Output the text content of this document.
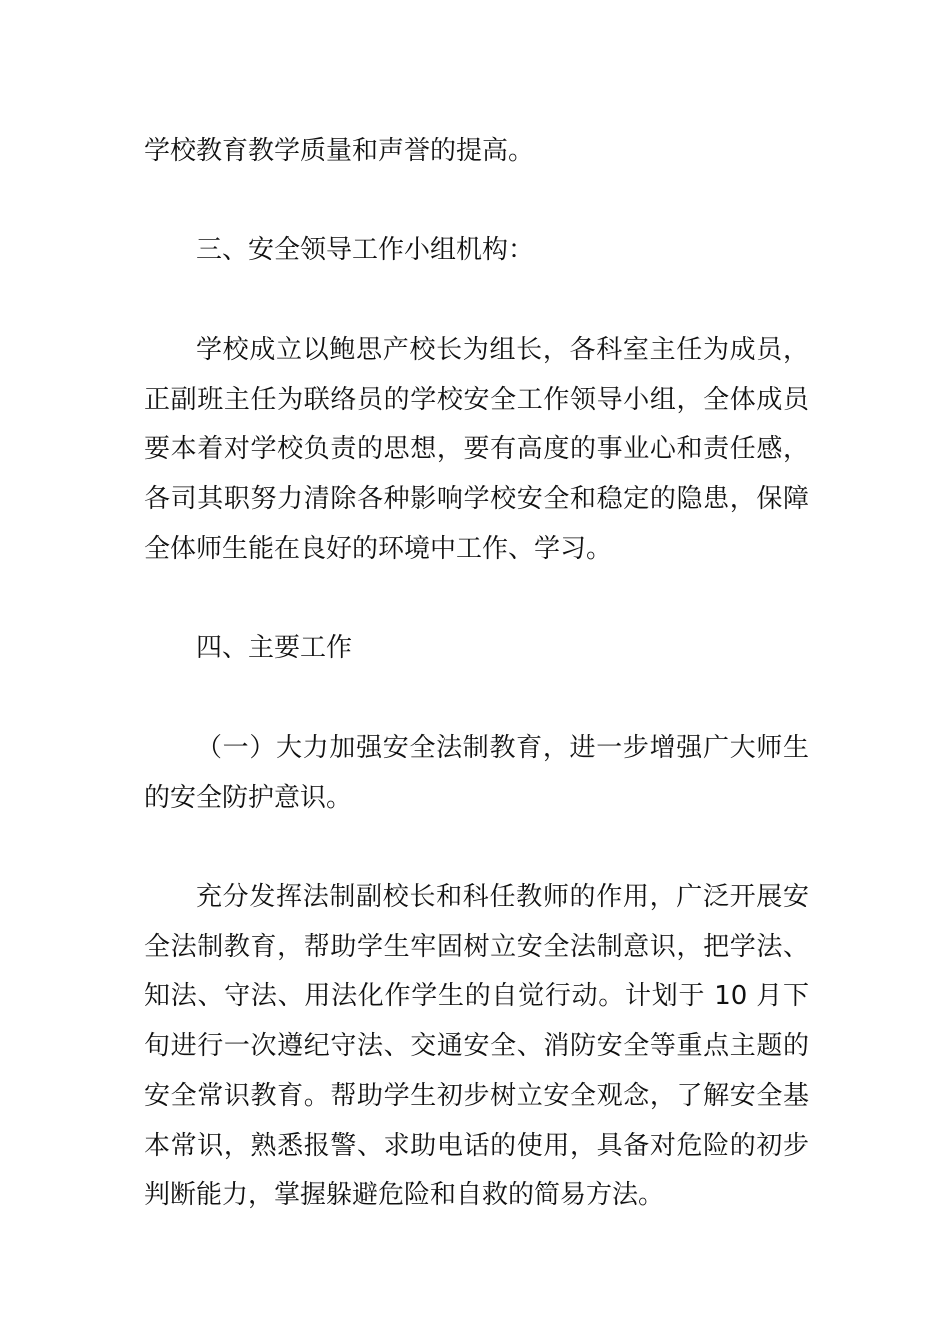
学校教育教学质量和声誉的提高。

三、安全领导工作小组机构：

学校成立以鲍思产校长为组长，各科室主任为成员，正副班主任为联络员的学校安全工作领导小组，全体成员要本着对学校负责的思想，要有高度的事业心和责任感，各司其职努力清除各种影响学校安全和稳定的隐患，保障全体师生能在良好的环境中工作、学习。

四、主要工作

（一）大力加强安全法制教育，进一步增强广大师生的安全防护意识。

充分发挥法制副校长和科任教师的作用，广泛开展安全法制教育，帮助学生牢固树立安全法制意识，把学法、知法、守法、用法化作学生的自觉行动。计划于 10 月下旬进行一次遵纪守法、交通安全、消防安全等重点主题的安全常识教育。帮助学生初步树立安全观念，了解安全基本常识，熟悉报警、求助电话的使用，具备对危险的初步判断能力，掌握躲避危险和自救的简易方法。
